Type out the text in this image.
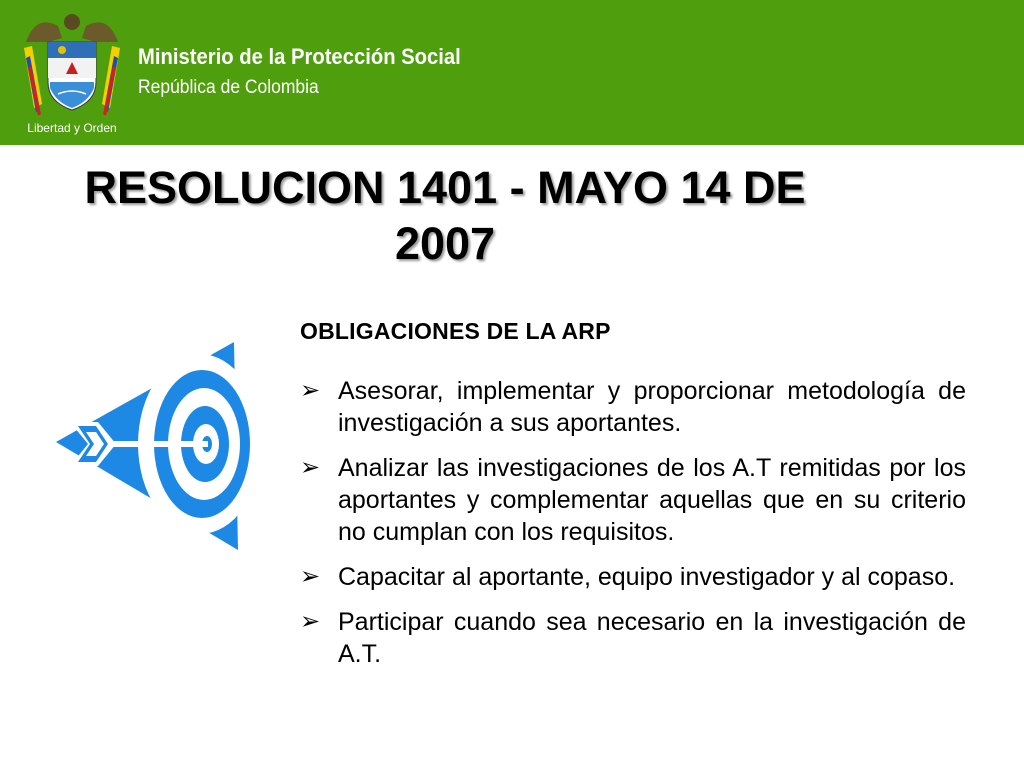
Libertad y Orden
Ministerio de la Protección Social
República de Colombia
RESOLUCION 1401 - MAYO 14 DE
2007
OBLIGACIONES DE LA ARP
➢ Asesorar, implementar y proporcionar metodología de investigación a sus aportantes.
➢ Analizar las investigaciones de los A.T remitidas por los aportantes y complementar aquellas que en su criterio no cumplan con los requisitos.
➢ Capacitar al aportante, equipo investigador y al copaso.
➢ Participar cuando sea necesario en la investigación de A.T.
